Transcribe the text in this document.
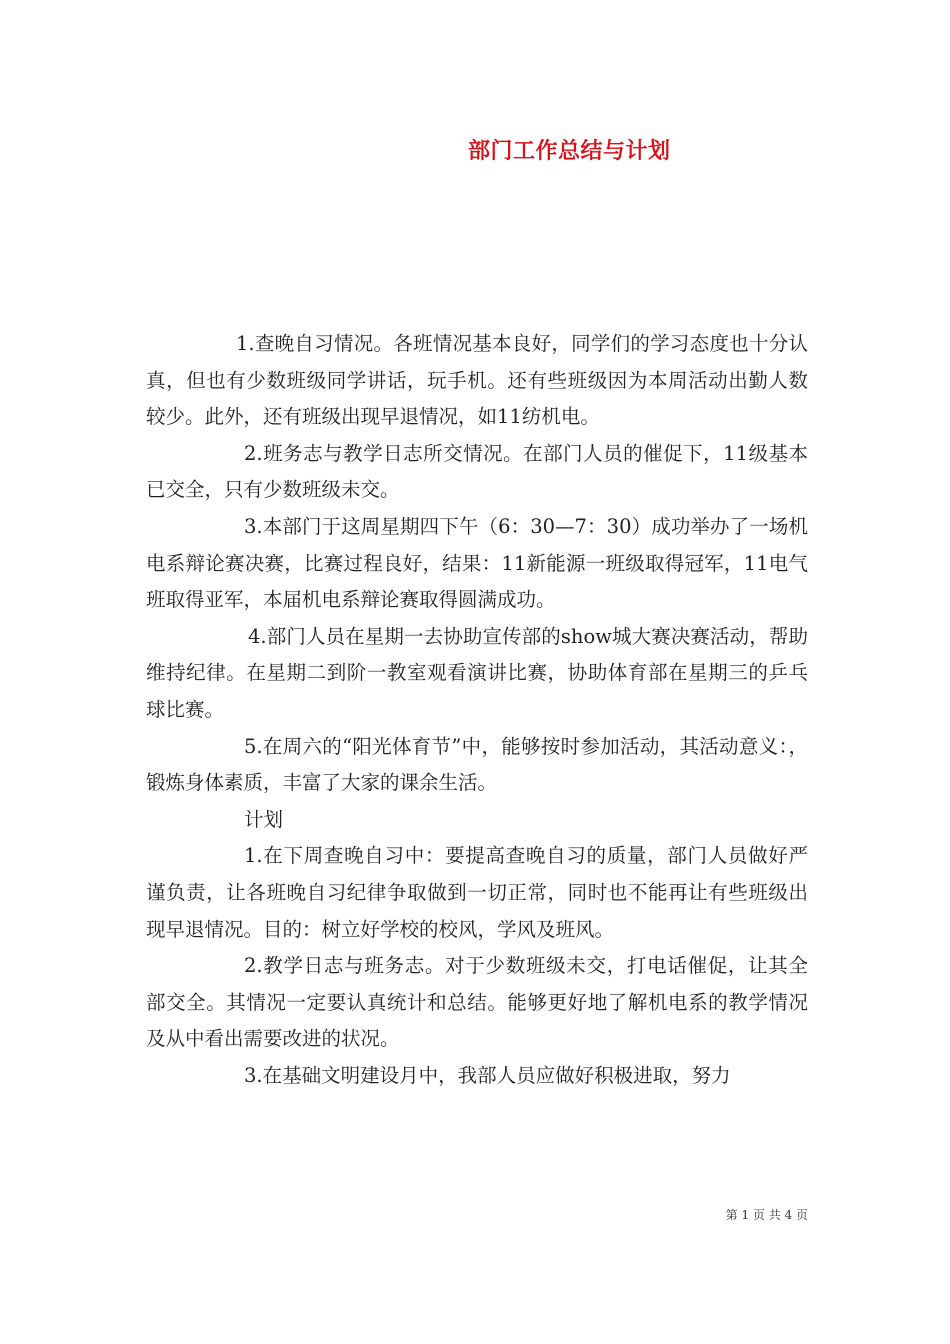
部门工作总结与计划

1.查晚自习情况。各班情况基本良好，同学们的学习态度也十分认真，但也有少数班级同学讲话，玩手机。还有些班级因为本周活动出勤人数较少。此外，还有班级出现早退情况，如11纺机电。

2.班务志与教学日志所交情况。在部门人员的催促下，11级基本已交全，只有少数班级未交。

3.本部门于这周星期四下午（6：30—7：30）成功举办了一场机电系辩论赛决赛，比赛过程良好，结果：11新能源一班级取得冠军，11电气班取得亚军，本届机电系辩论赛取得圆满成功。

4.部门人员在星期一去协助宣传部的show城大赛决赛活动，帮助维持纪律。在星期二到阶一教室观看演讲比赛，协助体育部在星期三的乒乓球比赛。

5.在周六的“阳光体育节”中，能够按时参加活动，其活动意义：，锻炼身体素质，丰富了大家的课余生活。

计划

1.在下周查晚自习中：要提高查晚自习的质量，部门人员做好严谨负责，让各班晚自习纪律争取做到一切正常，同时也不能再让有些班级出现早退情况。目的：树立好学校的校风，学风及班风。

2.教学日志与班务志。对于少数班级未交，打电话催促，让其全部交全。其情况一定要认真统计和总结。能够更好地了解机电系的教学情况及从中看出需要改进的状况。

3.在基础文明建设月中，我部人员应做好积极进取，努力

第 1 页 共 4 页
